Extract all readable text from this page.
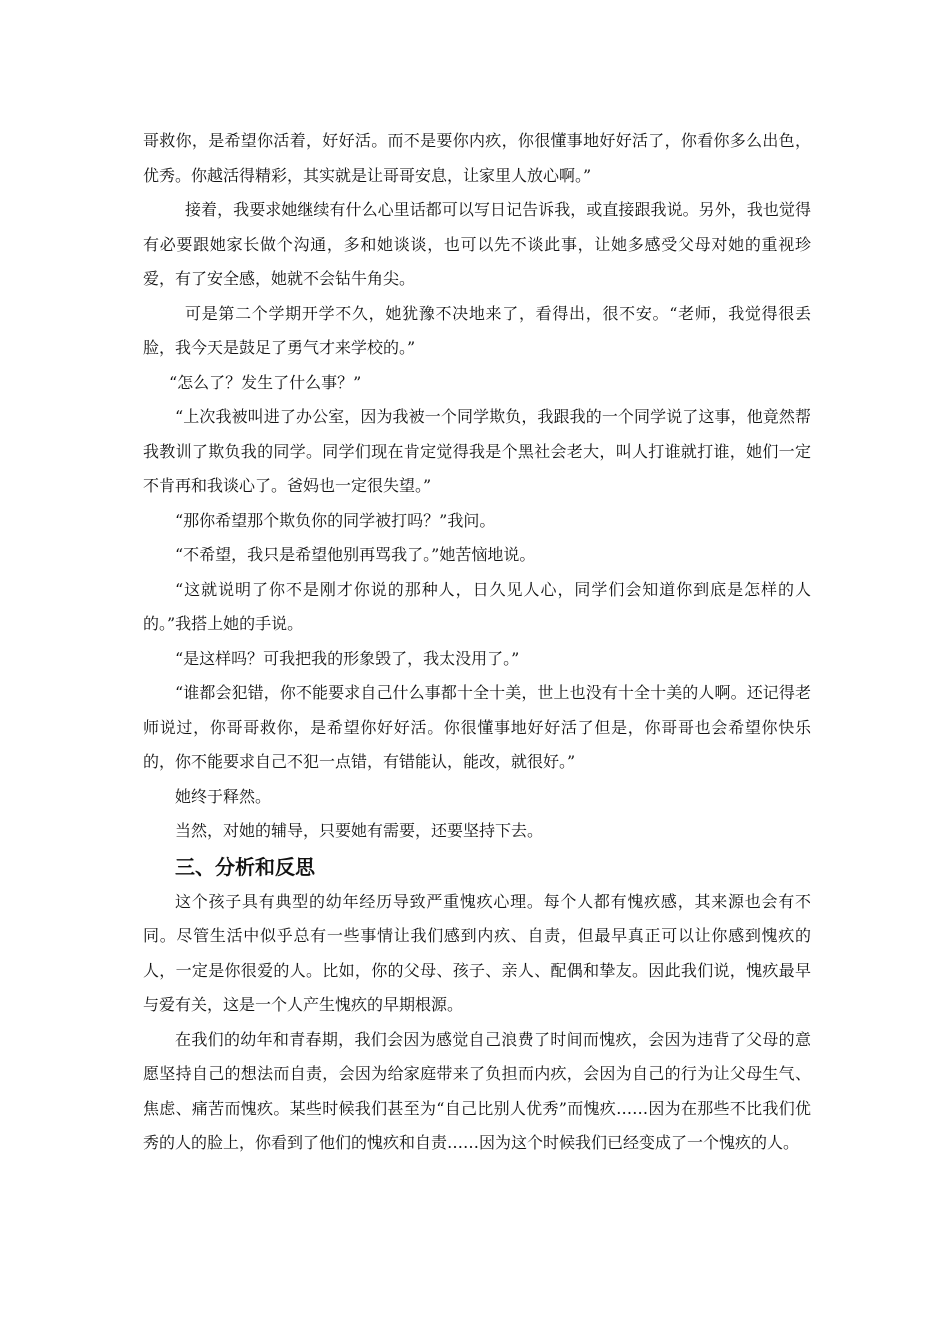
哥救你，是希望你活着，好好活。而不是要你内疚，你很懂事地好好活了，你看你多么出色，优秀。你越活得精彩，其实就是让哥哥安息，让家里人放心啊。”

接着，我要求她继续有什么心里话都可以写日记告诉我，或直接跟我说。另外，我也觉得有必要跟她家长做个沟通，多和她谈谈，也可以先不谈此事，让她多感受父母对她的重视珍爱，有了安全感，她就不会钻牛角尖。

可是第二个学期开学不久，她犹豫不决地来了，看得出，很不安。“老师，我觉得很丢脸，我今天是鼓足了勇气才来学校的。”

“怎么了？发生了什么事？”

“上次我被叫进了办公室，因为我被一个同学欺负，我跟我的一个同学说了这事，他竟然帮我教训了欺负我的同学。同学们现在肯定觉得我是个黑社会老大，叫人打谁就打谁，她们一定不肯再和我谈心了。爸妈也一定很失望。”

“那你希望那个欺负你的同学被打吗？”我问。

“不希望，我只是希望他别再骂我了。”她苦恼地说。

“这就说明了你不是刚才你说的那种人，日久见人心，同学们会知道你到底是怎样的人的。”我搭上她的手说。

“是这样吗？可我把我的形象毁了，我太没用了。”

“谁都会犯错，你不能要求自己什么事都十全十美，世上也没有十全十美的人啊。还记得老师说过，你哥哥救你，是希望你好好活。你很懂事地好好活了但是，你哥哥也会希望你快乐的，你不能要求自己不犯一点错，有错能认，能改，就很好。”

她终于释然。

当然，对她的辅导，只要她有需要，还要坚持下去。

三、分析和反思

这个孩子具有典型的幼年经历导致严重愧疚心理。每个人都有愧疚感，其来源也会有不同。尽管生活中似乎总有一些事情让我们感到内疚、自责，但最早真正可以让你感到愧疚的人，一定是你很爱的人。比如，你的父母、孩子、亲人、配偶和挚友。因此我们说，愧疚最早与爱有关，这是一个人产生愧疚的早期根源。

在我们的幼年和青春期，我们会因为感觉自己浪费了时间而愧疚，会因为违背了父母的意愿坚持自己的想法而自责，会因为给家庭带来了负担而内疚，会因为自己的行为让父母生气、焦虑、痛苦而愧疚。某些时候我们甚至为“自己比别人优秀”而愧疚……因为在那些不比我们优秀的人的脸上，你看到了他们的愧疚和自责……因为这个时候我们已经变成了一个愧疚的人。
